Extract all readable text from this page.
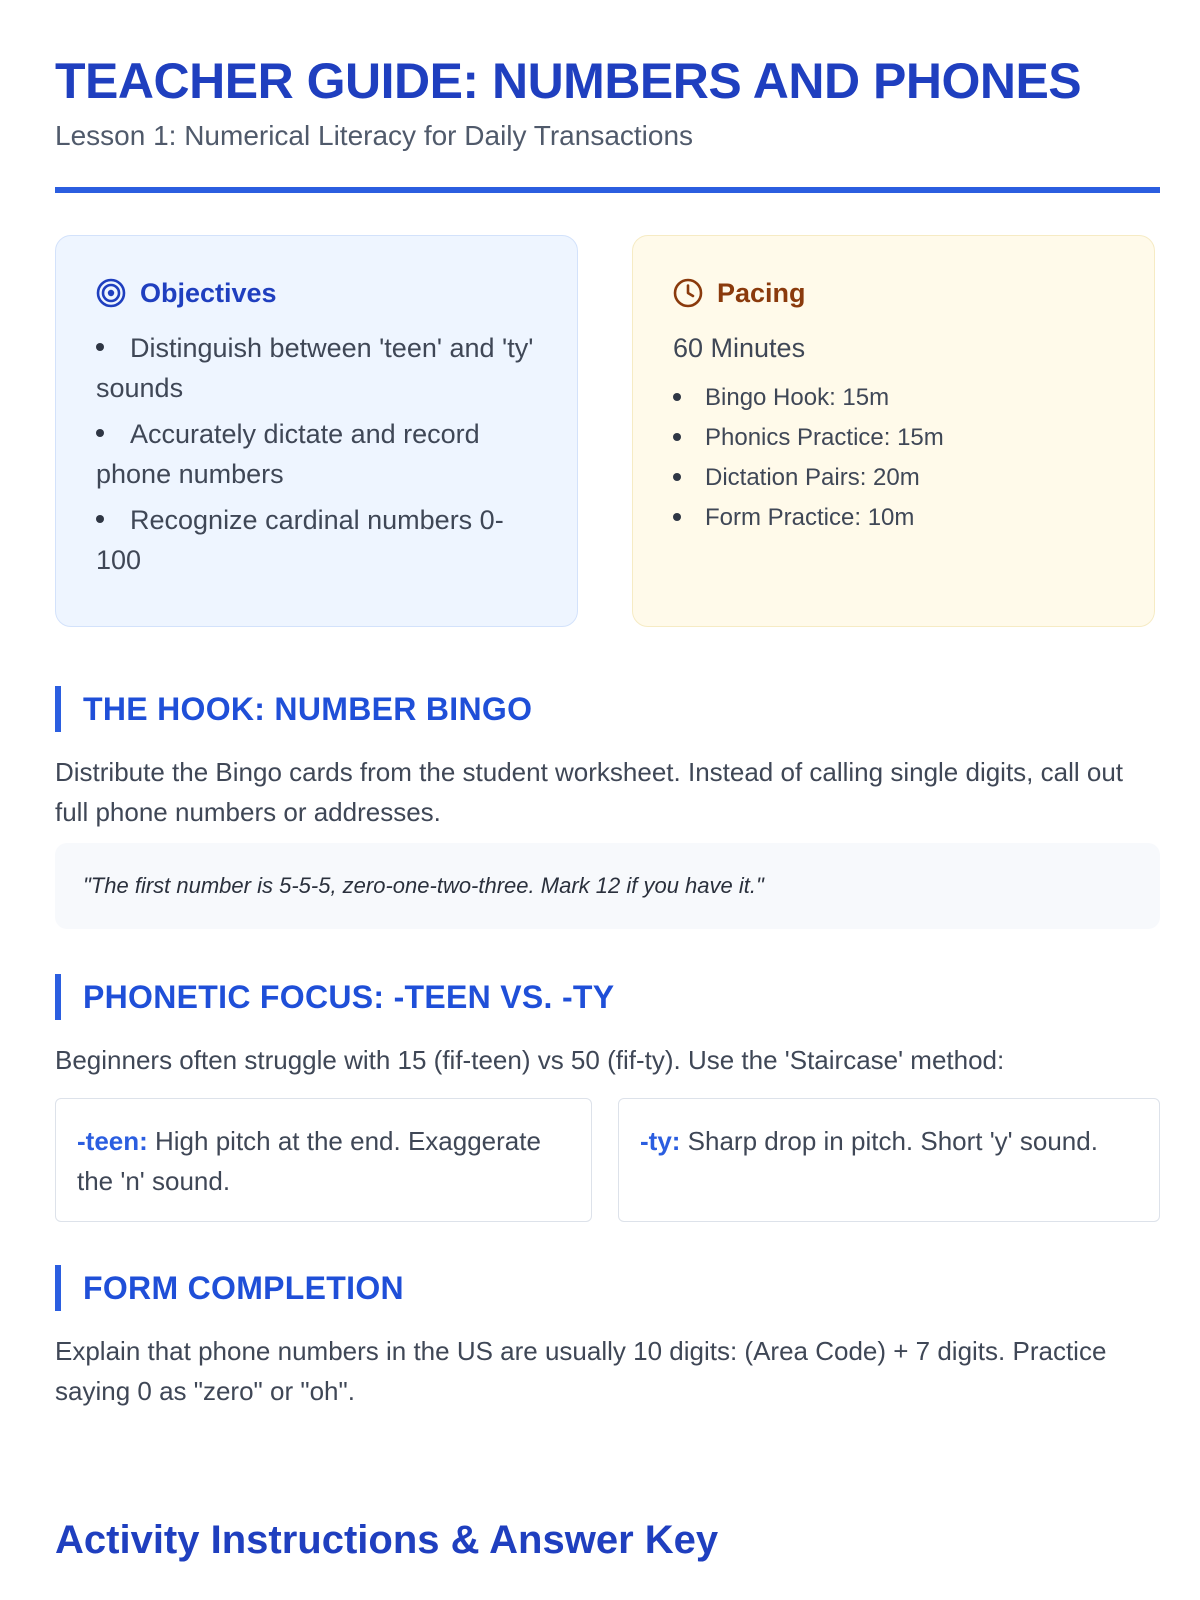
TEACHER GUIDE: NUMBERS AND PHONES

Lesson 1: Numerical Literacy for Daily Transactions

Objectives
Distinguish between 'teen' and 'ty' sounds
Accurately dictate and record phone numbers
Recognize cardinal numbers 0-100
Pacing
60 Minutes
Bingo Hook: 15m
Phonics Practice: 15m
Dictation Pairs: 20m
Form Practice: 10m
THE HOOK: NUMBER BINGO

Distribute the Bingo cards from the student worksheet. Instead of calling single digits, call out full phone numbers or addresses.

"The first number is 5-5-5, zero-one-two-three. Mark 12 if you have it."
PHONETIC FOCUS: -TEEN VS. -TY

Beginners often struggle with 15 (fif-teen) vs 50 (fif-ty). Use the 'Staircase' method:

-teen: High pitch at the end. Exaggerate the 'n' sound.
-ty: Sharp drop in pitch. Short 'y' sound.
FORM COMPLETION

Explain that phone numbers in the US are usually 10 digits: (Area Code) + 7 digits. Practice saying 0 as "zero" or "oh".

Activity Instructions & Answer Key
